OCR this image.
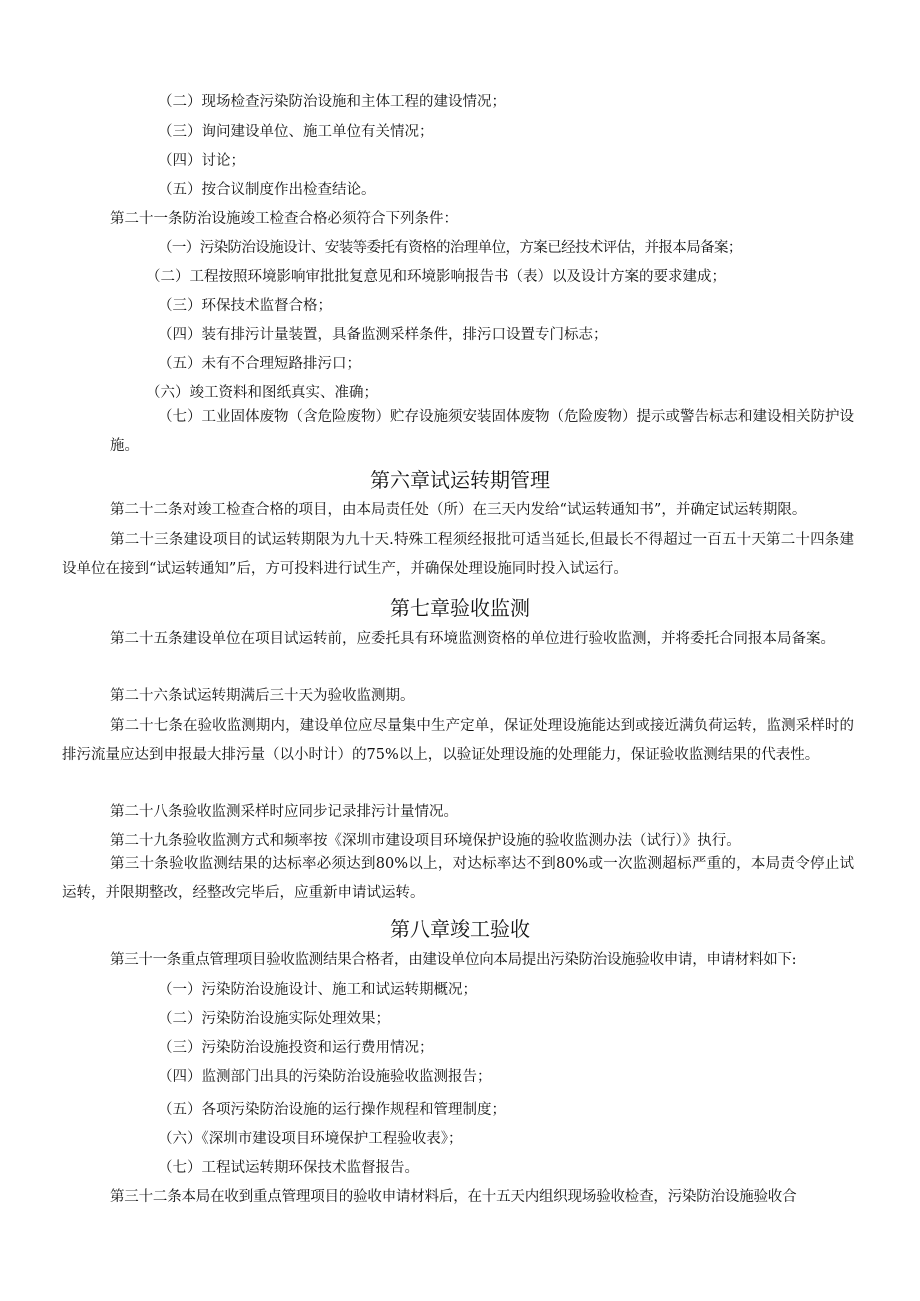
（二）现场检查污染防治设施和主体工程的建设情况；
（三）询问建设单位、施工单位有关情况；
（四）讨论；
（五）按合议制度作出检查结论。
第二十一条防治设施竣工检查合格必须符合下列条件：
（一）污染防治设施设计、安装等委托有资格的治理单位，方案已经技术评估，并报本局备案；
（二）工程按照环境影响审批批复意见和环境影响报告书（表）以及设计方案的要求建成；
（三）环保技术监督合格；
（四）装有排污计量装置，具备监测采样条件，排污口设置专门标志；
（五）未有不合理短路排污口；
（六）竣工资料和图纸真实、准确；
（七）工业固体废物（含危险废物）贮存设施须安装固体废物（危险废物）提示或警告标志和建设相关防护设施。
第六章试运转期管理
第二十二条对竣工检查合格的项目，由本局责任处（所）在三天内发给“试运转通知书”，并确定试运转期限。
第二十三条建设项目的试运转期限为九十天.特殊工程须经报批可适当延长,但最长不得超过一百五十天第二十四条建设单位在接到“试运转通知”后，方可投料进行试生产，并确保处理设施同时投入试运行。
第七章验收监测
第二十五条建设单位在项目试运转前，应委托具有环境监测资格的单位进行验收监测，并将委托合同报本局备案。
第二十六条试运转期满后三十天为验收监测期。
第二十七条在验收监测期内，建设单位应尽量集中生产定单，保证处理设施能达到或接近满负荷运转，监测采样时的排污流量应达到申报最大排污量（以小时计）的75%以上，以验证处理设施的处理能力，保证验收监测结果的代表性。
第二十八条验收监测采样时应同步记录排污计量情况。
第二十九条验收监测方式和频率按《深圳市建设项目环境保护设施的验收监测办法（试行）》执行。
第三十条验收监测结果的达标率必须达到80%以上，对达标率达不到80%或一次监测超标严重的，本局责令停止试运转，并限期整改，经整改完毕后，应重新申请试运转。
第八章竣工验收
第三十一条重点管理项目验收监测结果合格者，由建设单位向本局提出污染防治设施验收申请，申请材料如下:
（一）污染防治设施设计、施工和试运转期概况；
（二）污染防治设施实际处理效果；
（三）污染防治设施投资和运行费用情况；
（四）监测部门出具的污染防治设施验收监测报告；
（五）各项污染防治设施的运行操作规程和管理制度；
（六）《深圳市建设项目环境保护工程验收表》；
（七）工程试运转期环保技术监督报告。
第三十二条本局在收到重点管理项目的验收申请材料后，在十五天内组织现场验收检查，污染防治设施验收合
